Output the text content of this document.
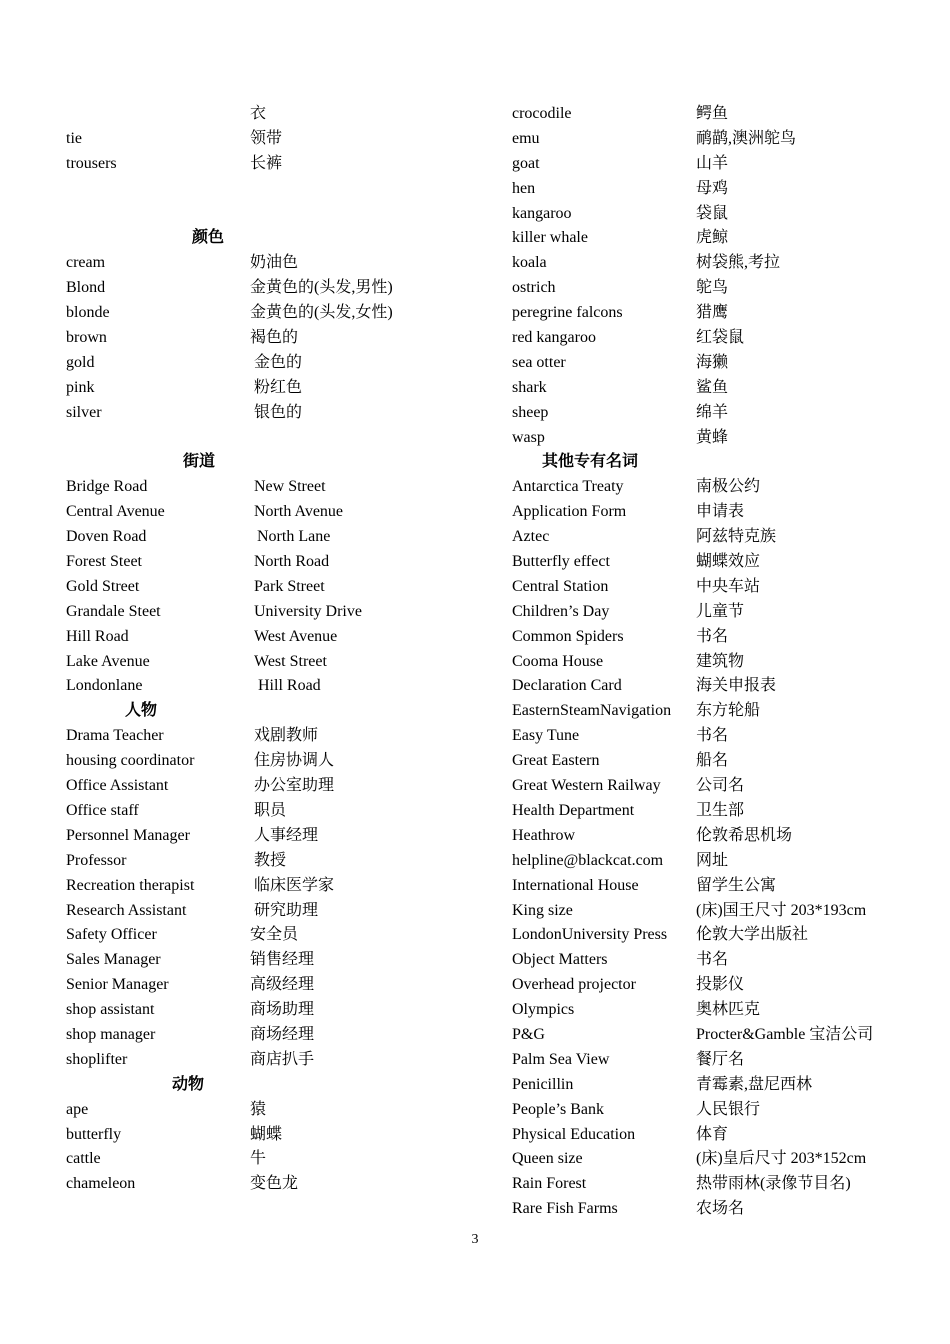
衣
tie	领带
trousers	长裤
颜色
cream	奶油色
Blond	金黄色的(头发,男性)
blonde	金黄色的(头发,女性)
brown	褐色的
gold	金色的
pink	粉红色
silver	银色的
街道
Bridge Road	New Street
Central Avenue	North Avenue
Doven Road	North Lane
Forest Steet	North Road
Gold Street	Park Street
Grandale Steet	University Drive
Hill Road	West Avenue
Lake Avenue	West Street
Londonlane	Hill Road
人物
Drama Teacher	戏剧教师
housing coordinator	住房协调人
Office Assistant	办公室助理
Office staff	职员
Personnel Manager	人事经理
Professor	教授
Recreation therapist	临床医学家
Research Assistant	研究助理
Safety Officer	安全员
Sales Manager	销售经理
Senior Manager	高级经理
shop assistant	商场助理
shop manager	商场经理
shoplifter	商店扒手
动物
ape	猿
butterfly	蝴蝶
cattle	牛
chameleon	变色龙
crocodile	鳄鱼
emu	鸸鹋,澳洲鸵鸟
goat	山羊
hen	母鸡
kangaroo	袋鼠
killer whale	虎鲸
koala	树袋熊,考拉
ostrich	鸵鸟
peregrine falcons	猎鹰
red kangaroo	红袋鼠
sea otter	海獭
shark	鲨鱼
sheep	绵羊
wasp	黄蜂
其他专有名词
Antarctica Treaty	南极公约
Application Form	申请表
Aztec	阿兹特克族
Butterfly effect	蝴蝶效应
Central Station	中央车站
Children’s Day	儿童节
Common Spiders	书名
Cooma House	建筑物
Declaration Card	海关申报表
EasternSteamNavigation 东方轮船
Easy Tune	书名
Great Eastern	船名
Great Western Railway 公司名
Health Department	卫生部
Heathrow	伦敦希思机场
helpline@blackcat.com 网址
International House	留学生公寓
King size	(床)国王尺寸 203*193cm
LondonUniversity Press 伦敦大学出版社
Object Matters	书名
Overhead projector	投影仪
Olympics	奥林匹克
P&G	Procter&Gamble 宝洁公司
Palm Sea View	餐厅名
Penicillin	青霉素,盘尼西林
People’s Bank	人民银行
Physical Education	体育
Queen size	(床)皇后尺寸 203*152cm
Rain Forest	热带雨林(录像节目名)
Rare Fish Farms	农场名
3
